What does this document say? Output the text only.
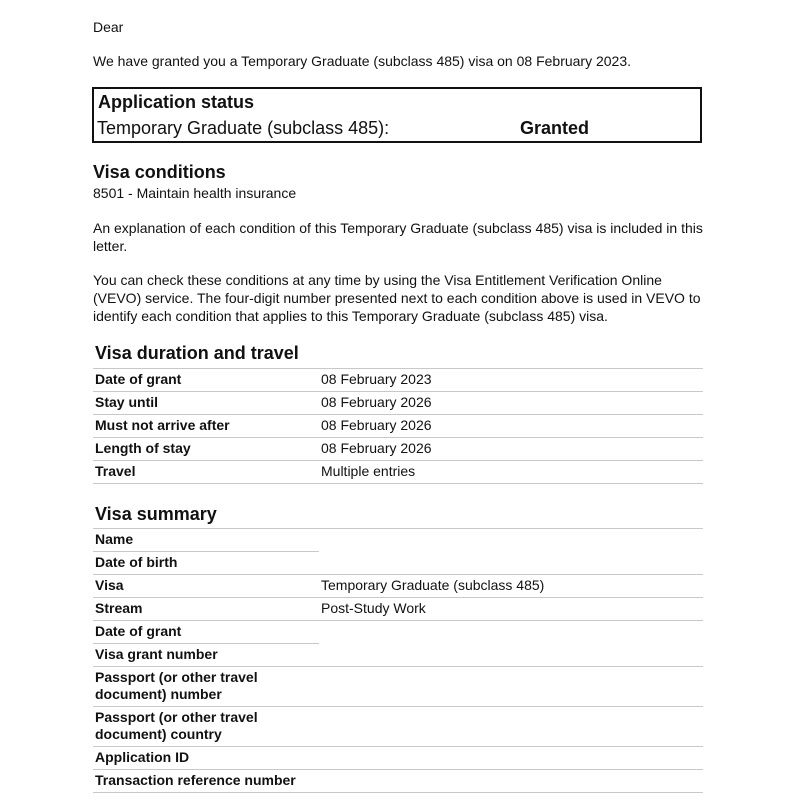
Dear

We have granted you a Temporary Graduate (subclass 485) visa on 08 February 2023.

Application status
Temporary Graduate (subclass 485):	Granted
Visa conditions

8501 - Maintain health insurance

An explanation of each condition of this Temporary Graduate (subclass 485) visa is included in this letter.

You can check these conditions at any time by using the Visa Entitlement Verification Online (VEVO) service. The four-digit number presented next to each condition above is used in VEVO to identify each condition that applies to this Temporary Graduate (subclass 485) visa.

Visa duration and travel
Date of grant	08 February 2023
Stay until	08 February 2026
Must not arrive after	08 February 2026
Length of stay	08 February 2026
Travel	Multiple entries
Visa summary
Name	
Date of birth	
Visa	Temporary Graduate (subclass 485)
Stream	Post-Study Work
Date of grant	
Visa grant number	
Passport (or other travel document) number	
Passport (or other travel document) country	
Application ID	
Transaction reference number	
